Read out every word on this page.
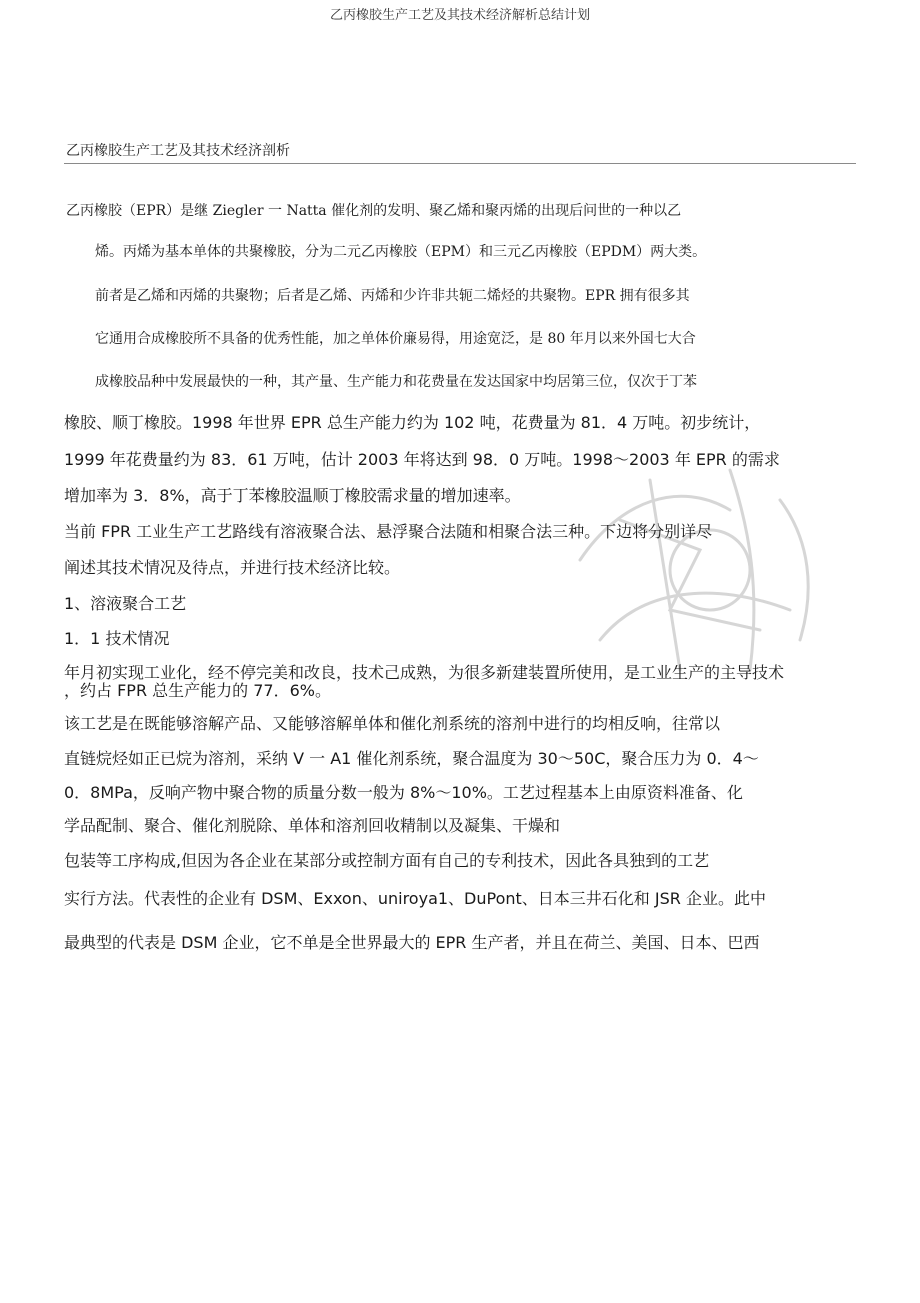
乙丙橡胶生产工艺及其技术经济解析总结计划
乙丙橡胶生产工艺及其技术经济剖析
乙丙橡胶（EPR）是继 Ziegler 一 Natta 催化剂的发明、聚乙烯和聚丙烯的出现后问世的一种以乙
烯。丙烯为基本单体的共聚橡胶，分为二元乙丙橡胶（EPM）和三元乙丙橡胶（EPDM）两大类。
前者是乙烯和丙烯的共聚物；后者是乙烯、丙烯和少许非共轭二烯烃的共聚物。EPR 拥有很多其
它通用合成橡胶所不具备的优秀性能，加之单体价廉易得，用途宽泛，是 80 年月以来外国七大合
成橡胶品种中发展最快的一种，其产量、生产能力和花费量在发达国家中均居第三位，仅次于丁苯
橡胶、顺丁橡胶。1998 年世界 EPR 总生产能力约为 102 吨，花费量为 81．4 万吨。初步统计，
1999 年花费量约为 83．61 万吨，估计 2003 年将达到 98．0 万吨。1998～2003 年 EPR 的需求
增加率为 3．8%，高于丁苯橡胶温顺丁橡胶需求量的增加速率。
当前 FPR 工业生产工艺路线有溶液聚合法、悬浮聚合法随和相聚合法三种。下边将分别详尽
阐述其技术情况及待点，并进行技术经济比较。
1、溶液聚合工艺
1．1 技术情况
年月初实现工业化，经不停完美和改良，技术己成熟，为很多新建装置所使用，是工业生产的主导技术
，约占 FPR 总生产能力的 77．6%。
该工艺是在既能够溶解产品、又能够溶解单体和催化剂系统的溶剂中进行的均相反响，往常以
直链烷烃如正已烷为溶剂，采纳 V 一 A1 催化剂系统，聚合温度为 30～50C，聚合压力为 0．4～
0．8MPa，反响产物中聚合物的质量分数一般为 8%～10%。工艺过程基本上由原资料准备、化
学品配制、聚合、催化剂脱除、单体和溶剂回收精制以及凝集、干燥和
包装等工序构成,但因为各企业在某部分或控制方面有自己的专利技术，因此各具独到的工艺
实行方法。代表性的企业有 DSM、Exxon、uniroya1、DuPont、日本三井石化和 JSR 企业。此中
最典型的代表是 DSM 企业，它不单是全世界最大的 EPR 生产者，并且在荷兰、美国、日本、巴西
